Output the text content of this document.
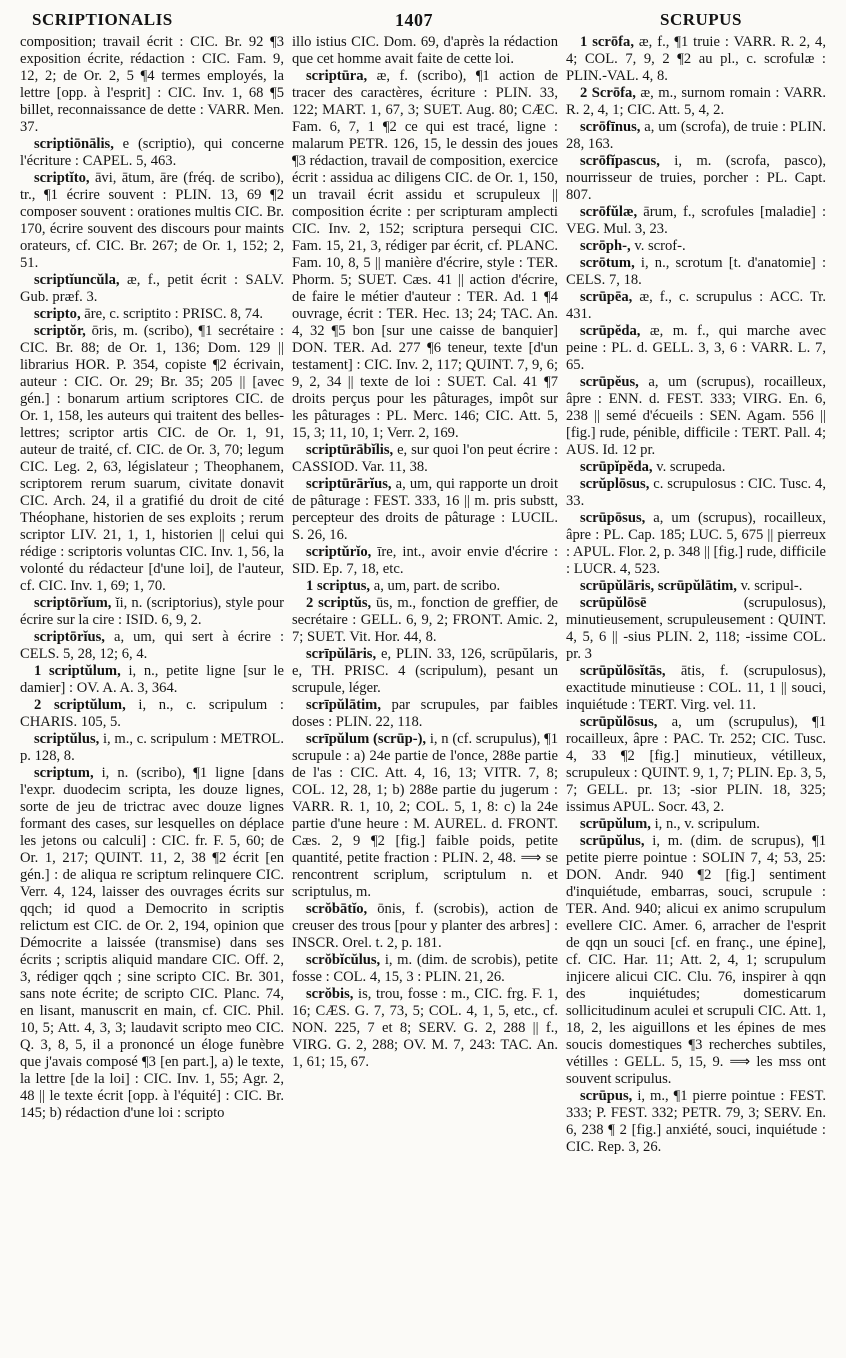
SCRIPTIONALIS	1407	SCRUPUS

composition; travail écrit : CIC. Br. 92 ¶3 exposition écrite, rédaction : CIC. Fam. 9, 12, 2; de Or. 2, 5 ¶4 termes employés, la lettre [opp. à l'esprit] : CIC. Inv. 1, 68 ¶5 billet, reconnaissance de dette : VARR. Men. 37.

scriptiōnālis, e (scriptio), qui concerne l'écriture : CAPEL. 5, 463.

scriptĭto, āvi, ātum, āre (fréq. de scribo), tr., ¶1 écrire souvent : PLIN. 13, 69 ¶2 composer souvent : orationes multis CIC. Br. 170, écrire souvent des discours pour maints orateurs, cf. CIC. Br. 267; de Or. 1, 152; 2, 51.

scriptĭuncŭla, æ, f., petit écrit : SALV. Gub. præf. 3.

scripto, āre, c. scriptito : PRISC. 8, 74.

scriptŏr, ōris, m. (scribo), ¶1 secrétaire : CIC. Br. 88; de Or. 1, 136; Dom. 129 || librarius HOR. P. 354, copiste ¶2 écrivain, auteur : CIC. Or. 29; Br. 35; 205 || [avec gén.] : bonarum artium scriptores CIC. de Or. 1, 158, les auteurs qui traitent des belles-lettres; scriptor artis CIC. de Or. 1, 91, auteur de traité, cf. CIC. de Or. 3, 70; legum CIC. Leg. 2, 63, législateur ; Theophanem, scriptorem rerum suarum, civitate donavit CIC. Arch. 24, il a gratifié du droit de cité Théophane, historien de ses exploits ; rerum scriptor LIV. 21, 1, 1, historien || celui qui rédige : scriptoris voluntas CIC. Inv. 1, 56, la volonté du rédacteur [d'une loi], de l'auteur, cf. CIC. Inv. 1, 69; 1, 70.

scriptōrĭum, ĭi, n. (scriptorius), style pour écrire sur la cire : ISID. 6, 9, 2.

scriptōrĭus, a, um, qui sert à écrire : CELS. 5, 28, 12; 6, 4.

1 scriptŭlum, i, n., petite ligne [sur le damier] : OV. A. A. 3, 364.

2 scriptŭlum, i, n., c. scripulum : CHARIS. 105, 5.

scriptŭlus, i, m., c. scripulum : METROL. p. 128, 8.

scriptum, i, n. (scribo), ¶1 ligne [dans l'expr. duodecim scripta, les douze lignes, sorte de jeu de trictrac avec douze lignes formant des cases, sur lesquelles on déplace les jetons ou calculi] : CIC. fr. F. 5, 60; de Or. 1, 217; QUINT. 11, 2, 38 ¶2 écrit [en gén.] : de aliqua re scriptum relinquere CIC. Verr. 4, 124, laisser des ouvrages écrits sur qqch; id quod a Democrito in scriptis relictum est CIC. de Or. 2, 194, opinion que Démocrite a laissée (transmise) dans ses écrits ; scriptis aliquid mandare CIC. Off. 2, 3, rédiger qqch ; sine scripto CIC. Br. 301, sans note écrite; de scripto CIC. Planc. 74, en lisant, manuscrit en main, cf. CIC. Phil. 10, 5; Att. 4, 3, 3; laudavit scripto meo CIC. Q. 3, 8, 5, il a prononcé un éloge funèbre que j'avais composé ¶3 [en part.], a) le texte, la lettre [de la loi] : CIC. Inv. 1, 55; Agr. 2, 48 || le texte écrit [opp. à l'équité] : CIC. Br. 145; b) rédaction d'une loi : scripto

illo istius CIC. Dom. 69, d'après la rédaction que cet homme avait faite de cette loi.

scriptūra, æ, f. (scribo), ¶1 action de tracer des caractères, écriture : PLIN. 33, 122; MART. 1, 67, 3; SUET. Aug. 80; CÆC. Fam. 6, 7, 1 ¶2 ce qui est tracé, ligne : malarum PETR. 126, 15, le dessin des joues ¶3 rédaction, travail de composition, exercice écrit : assidua ac diligens CIC. de Or. 1, 150, un travail écrit assidu et scrupuleux || composition écrite : per scripturam amplecti CIC. Inv. 2, 152; scriptura persequi CIC. Fam. 15, 21, 3, rédiger par écrit, cf. PLANC. Fam. 10, 8, 5 || manière d'écrire, style : TER. Phorm. 5; SUET. Cæs. 41 || action d'écrire, de faire le métier d'auteur : TER. Ad. 1 ¶4 ouvrage, écrit : TER. Hec. 13; 24; TAC. An. 4, 32 ¶5 bon [sur une caisse de banquier] DON. TER. Ad. 277 ¶6 teneur, texte [d'un testament] : CIC. Inv. 2, 117; QUINT. 7, 9, 6; 9, 2, 34 || texte de loi : SUET. Cal. 41 ¶7 droits perçus pour les pâturages, impôt sur les pâturages : PL. Merc. 146; CIC. Att. 5, 15, 3; 11, 10, 1; Verr. 2, 169.

scriptūrābĭlis, e, sur quoi l'on peut écrire : CASSIOD. Var. 11, 38.

scriptūrārĭus, a, um, qui rapporte un droit de pâturage : FEST. 333, 16 || m. pris substt, percepteur des droits de pâturage : LUCIL. S. 26, 16.

scriptŭrĭo, īre, int., avoir envie d'écrire : SID. Ep. 7, 18, etc.

1 scriptus, a, um, part. de scribo.

2 scriptŭs, ūs, m., fonction de greffier, de secrétaire : GELL. 6, 9, 2; FRONT. Amic. 2, 7; SUET. Vit. Hor. 44, 8.

scrīpŭlāris, e, PLIN. 33, 126, scrūpŭlaris, e, TH. PRISC. 4 (scripulum), pesant un scrupule, léger.

scrīpŭlātim, par scrupules, par faibles doses : PLIN. 22, 118.

scrīpŭlum (scrūp-), i, n (cf. scrupulus), ¶1 scrupule : a) 24e partie de l'once, 288e partie de l'as : CIC. Att. 4, 16, 13; VITR. 7, 8; COL. 12, 28, 1; b) 288e partie du jugerum : VARR. R. 1, 10, 2; COL. 5, 1, 8: c) la 24e partie d'une heure : M. AUREL. d. FRONT. Cæs. 2, 9 ¶2 [fig.] faible poids, petite quantité, petite fraction : PLIN. 2, 48. ⟹ se rencontrent scriplum, scriptulum n. et scriptulus, m.

scrŏbātĭo, ōnis, f. (scrobis), action de creuser des trous [pour y planter des arbres] : INSCR. Orel. t. 2, p. 181.

scrŏbĭcŭlus, i, m. (dim. de scrobis), petite fosse : COL. 4, 15, 3 : PLIN. 21, 26.

scrŏbis, is, trou, fosse : m., CIC. frg. F. 1, 16; CÆS. G. 7, 73, 5; COL. 4, 1, 5, etc., cf. NON. 225, 7 et 8; SERV. G. 2, 288 || f., VIRG. G. 2, 288; OV. M. 7, 243: TAC. An. 1, 61; 15, 67.

1 scrōfa, æ, f., ¶1 truie : VARR. R. 2, 4, 4; COL. 7, 9, 2 ¶2 au pl., c. scrofulæ : PLIN.-VAL. 4, 8.

2 Scrōfa, æ, m., surnom romain : VARR. R. 2, 4, 1; CIC. Att. 5, 4, 2.

scrōfīnus, a, um (scrofa), de truie : PLIN. 28, 163.

scrōfĭpascus, i, m. (scrofa, pasco), nourrisseur de truies, porcher : PL. Capt. 807.

scrōfŭlæ, ārum, f., scrofules [maladie] : VEG. Mul. 3, 23.

scrōph-, v. scrof-.

scrōtum, i, n., scrotum [t. d'anatomie] : CELS. 7, 18.

scrūpēa, æ, f., c. scrupulus : ACC. Tr. 431.

scrūpĕda, æ, m. f., qui marche avec peine : PL. d. GELL. 3, 3, 6 : VARR. L. 7, 65.

scrūpĕus, a, um (scrupus), rocailleux, âpre : ENN. d. FEST. 333; VIRG. En. 6, 238 || semé d'écueils : SEN. Agam. 556 || [fig.] rude, pénible, difficile : TERT. Pall. 4; AUS. Id. 12 pr.

scrūpĭpĕda, v. scrupeda.

scrŭplōsus, c. scrupulosus : CIC. Tusc. 4, 33.

scrūpōsus, a, um (scrupus), rocailleux, âpre : PL. Cap. 185; LUC. 5, 675 || pierreux : APUL. Flor. 2, p. 348 || [fig.] rude, difficile : LUCR. 4, 523.

scrūpŭlāris, scrūpŭlātim, v. scripul-.

scrūpŭlōsē	(scrupulosus), minutieusement, scrupuleusement : QUINT. 4, 5, 6 || -sius PLIN. 2, 118; -issime COL. pr. 3

scrūpŭlōsĭtās, ātis, f. (scrupulosus), exactitude minutieuse : COL. 11, 1 || souci, inquiétude : TERT. Virg. vel. 11.

scrūpŭlōsus, a, um (scrupulus), ¶1 rocailleux, âpre : PAC. Tr. 252; CIC. Tusc. 4, 33 ¶2 [fig.] minutieux, vétilleux, scrupuleux : QUINT. 9, 1, 7; PLIN. Ep. 3, 5, 7; GELL. pr. 13; -sior PLIN. 18, 325; issimus APUL. Socr. 43, 2.

scrūpŭlum, i, n., v. scripulum.

scrūpŭlus, i, m. (dim. de scrupus), ¶1 petite pierre pointue : SOLIN 7, 4; 53, 25: DON. Andr. 940 ¶2 [fig.] sentiment d'inquiétude, embarras, souci, scrupule : TER. And. 940; alicui ex animo scrupulum evellere CIC. Amer. 6, arracher de l'esprit de qqn un souci [cf. en franç., une épine], cf. CIC. Har. 11; Att. 2, 4, 1; scrupulum injicere alicui CIC. Clu. 76, inspirer à qqn des inquiétudes; domesticarum sollicitudinum aculei et scrupuli CIC. Att. 1, 18, 2, les aiguillons et les épines de mes soucis domestiques ¶3 recherches subtiles, vétilles : GELL. 5, 15, 9. ⟹ les mss ont souvent scripulus.

scrūpus, i, m., ¶1 pierre pointue : FEST. 333; P. FEST. 332; PETR. 79, 3; SERV. En. 6, 238 ¶ 2 [fig.] anxiété, souci, inquiétude : CIC. Rep. 3, 26.
